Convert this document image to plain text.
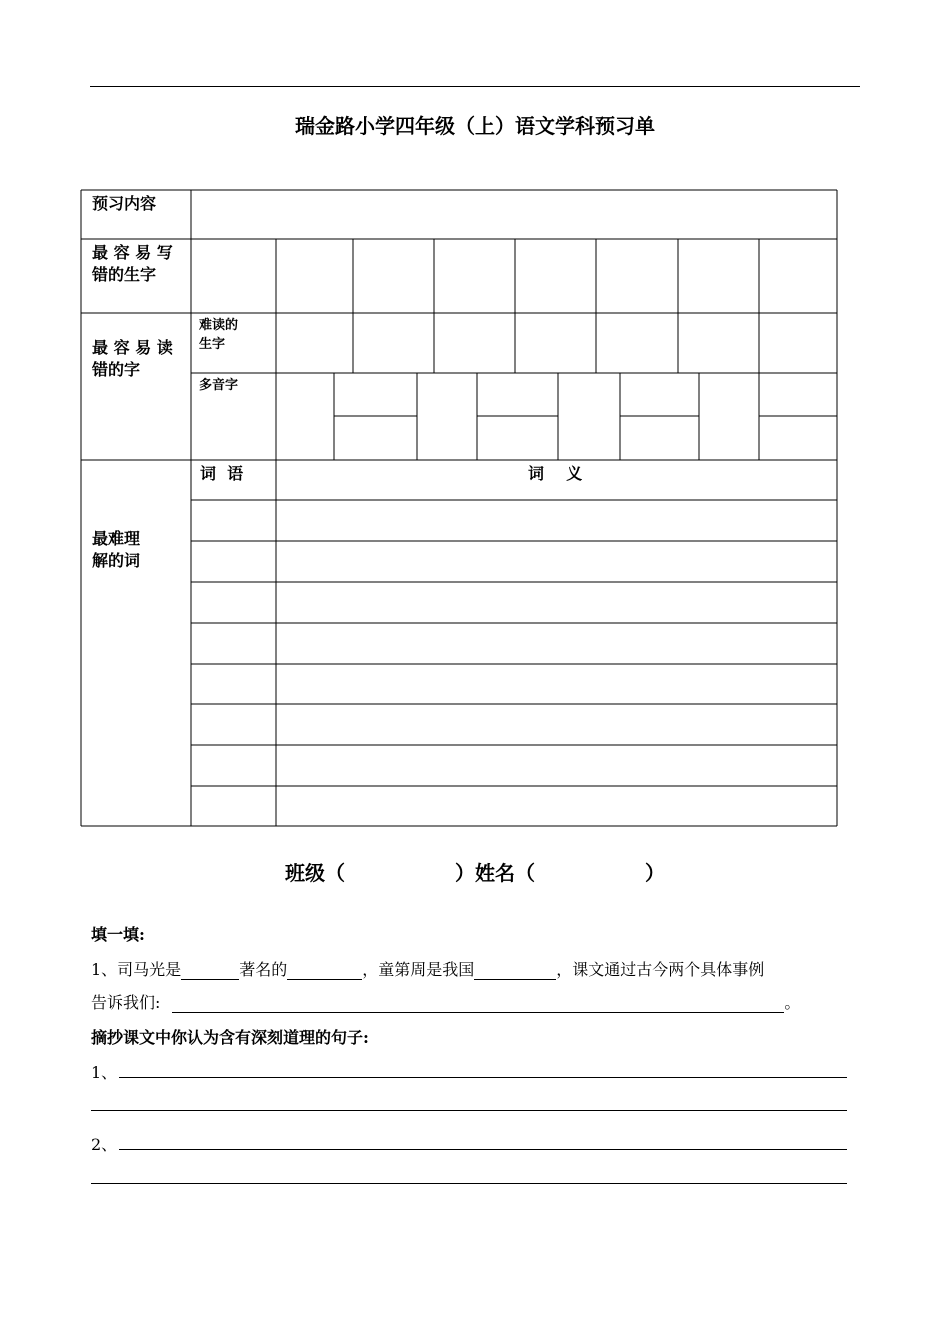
瑞金路小学四年级（上）语文学科预习单
预习内容
最 容 易 写 错的生字
最 容 易 读 错的字
难读的 生字
多音字
最难理 解的词
词  语	词    义
班级（	）姓名（	）
填一填:
1、司马光是	著名的	，童第周是我国	，课文通过古今两个具体事例
告诉我们:	。
摘抄课文中你认为含有深刻道理的句子:
1、
2、
